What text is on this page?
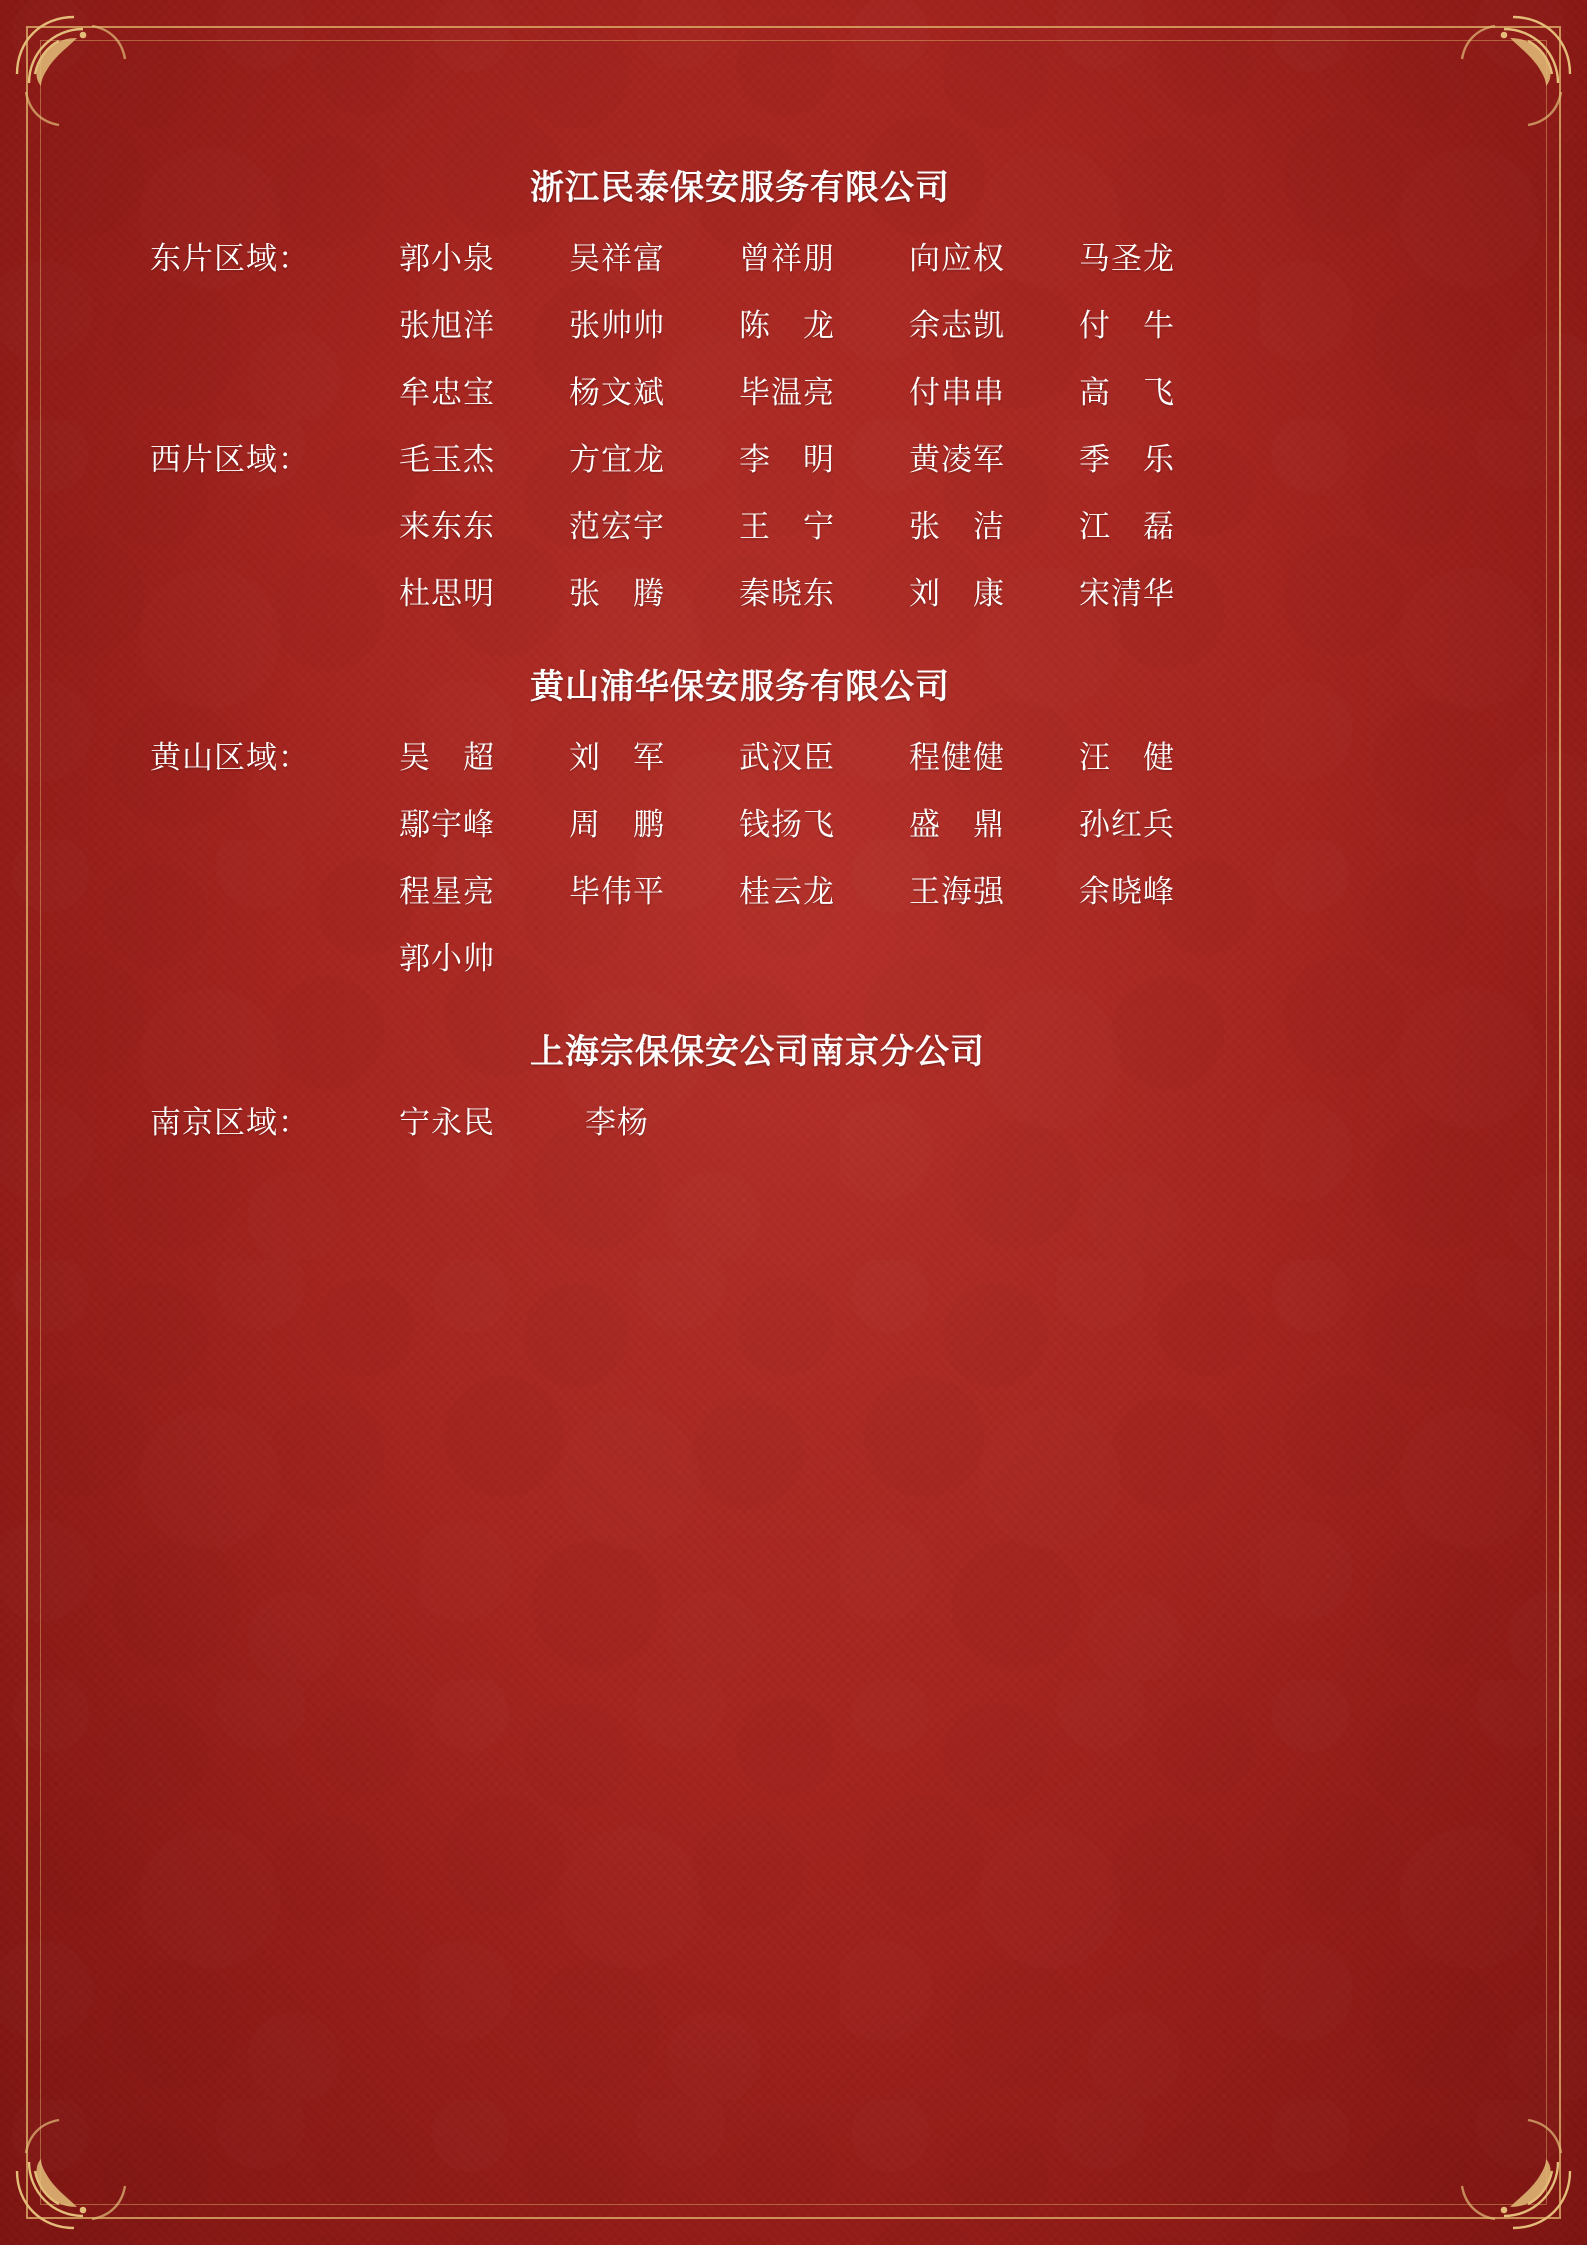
浙江民泰保安服务有限公司
东片区域：	郭小泉	吴祥富	曾祥朋	向应权	马圣龙
张旭洋	张帅帅	陈　龙	余志凯	付　牛
牟忠宝	杨文斌	毕温亮	付串串	高　飞
西片区域：	毛玉杰	方宜龙	李　明	黄凌军	季　乐
来东东	范宏宇	王　宁	张　洁	江　磊
杜思明	张　腾	秦晓东	刘　康	宋清华
黄山浦华保安服务有限公司
黄山区域：	吴　超	刘　军	武汉臣	程健健	汪　健
鄢宇峰	周　鹏	钱扬飞	盛　鼎	孙红兵
程星亮	毕伟平	桂云龙	王海强	余晓峰
郭小帅
上海宗保保安公司南京分公司
南京区域：	宁永民	李杨
